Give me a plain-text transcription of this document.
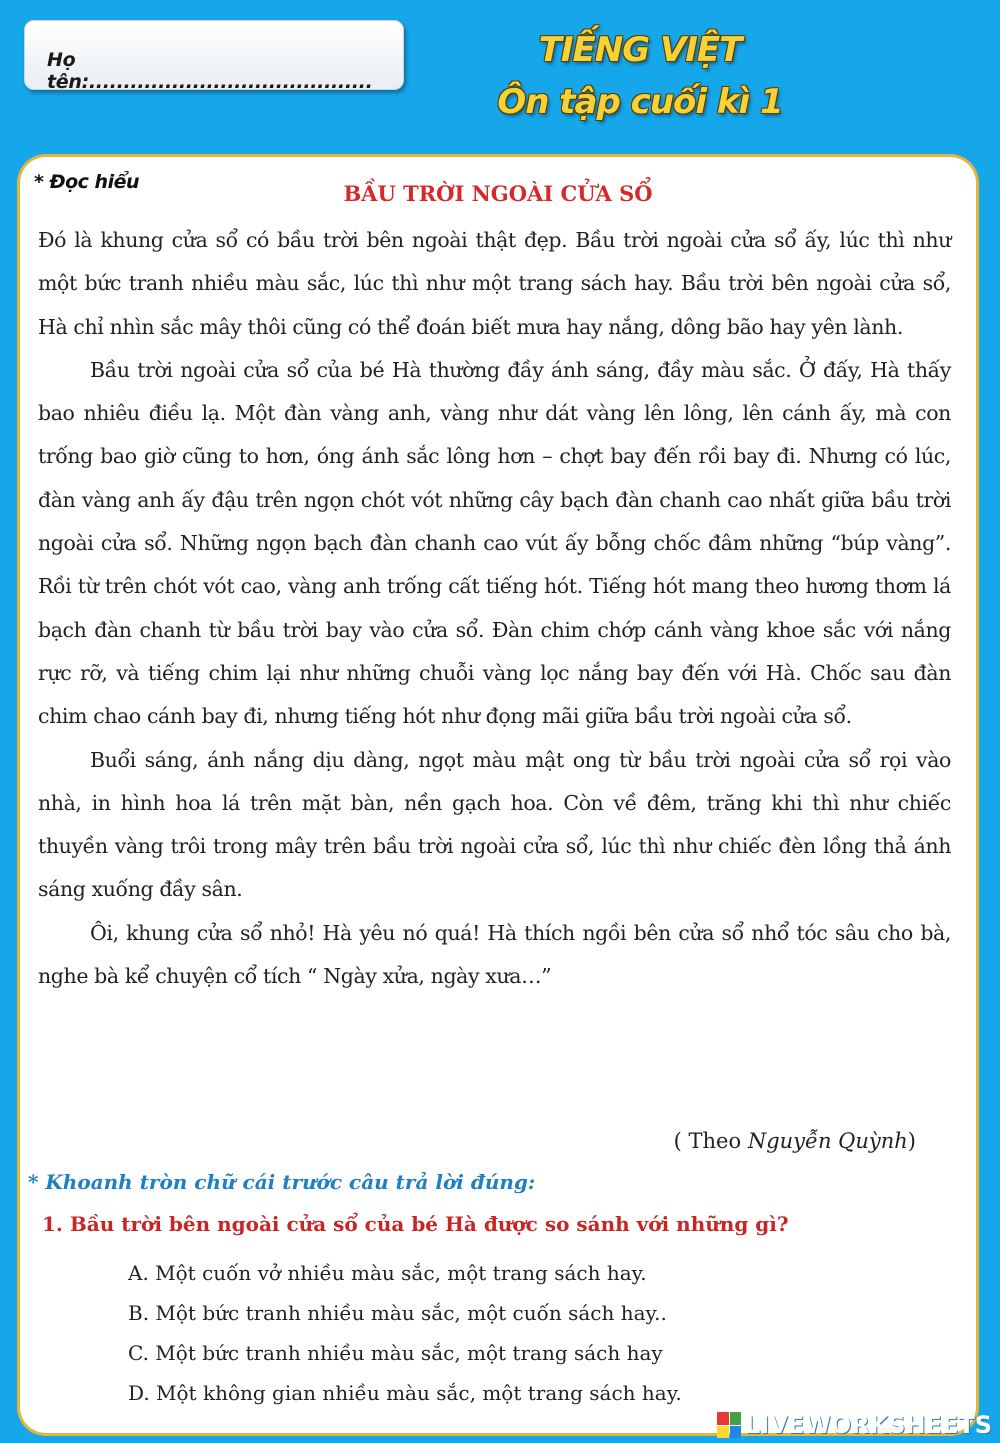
Họ tên:.........................................
TIẾNG VIỆT
Ôn tập cuối kì 1
* Đọc hiểu	BẦU TRỜI NGOÀI CỬA SỔ

Đó là khung cửa sổ có bầu trời bên ngoài thật đẹp. Bầu trời ngoài cửa sổ ấy, lúc thì như một bức tranh nhiều màu sắc, lúc thì như một trang sách hay. Bầu trời bên ngoài cửa sổ, Hà chỉ nhìn sắc mây thôi cũng có thể đoán biết mưa hay nắng, dông bão hay yên lành.

Bầu trời ngoài cửa sổ của bé Hà thường đầy ánh sáng, đầy màu sắc. Ở đấy, Hà thấy bao nhiêu điều lạ. Một đàn vàng anh, vàng như dát vàng lên lông, lên cánh ấy, mà con trống bao giờ cũng to hơn, óng ánh sắc lông hơn – chợt bay đến rồi bay đi. Nhưng có lúc, đàn vàng anh ấy đậu trên ngọn chót vót những cây bạch đàn chanh cao nhất giữa bầu trời ngoài cửa sổ. Những ngọn bạch đàn chanh cao vút ấy bỗng chốc đâm những “búp vàng”. Rồi từ trên chót vót cao, vàng anh trống cất tiếng hót. Tiếng hót mang theo hương thơm lá bạch đàn chanh từ bầu trời bay vào cửa sổ. Đàn chim chớp cánh vàng khoe sắc với nắng rực rỡ, và tiếng chim lại như những chuỗi vàng lọc nắng bay đến với Hà. Chốc sau đàn chim chao cánh bay đi, nhưng tiếng hót như đọng mãi giữa bầu trời ngoài cửa sổ.

Buổi sáng, ánh nắng dịu dàng, ngọt màu mật ong từ bầu trời ngoài cửa sổ rọi vào nhà, in hình hoa lá trên mặt bàn, nền gạch hoa. Còn về đêm, trăng khi thì như chiếc thuyền vàng trôi trong mây trên bầu trời ngoài cửa sổ, lúc thì như chiếc đèn lồng thả ánh sáng xuống đầy sân.

Ôi, khung cửa sổ nhỏ! Hà yêu nó quá! Hà thích ngồi bên cửa sổ nhổ tóc sâu cho bà, nghe bà kể chuyện cổ tích “ Ngày xửa, ngày xưa…”

( Theo Nguyễn Quỳnh)
* Khoanh tròn chữ cái trước câu trả lời đúng:
1. Bầu trời bên ngoài cửa sổ của bé Hà được so sánh với những gì?
A. Một cuốn vở nhiều màu sắc, một trang sách hay.
B. Một bức tranh nhiều màu sắc, một cuốn sách hay..
C. Một bức tranh nhiều màu sắc, một trang sách hay
D. Một không gian nhiều màu sắc, một trang sách hay.
LIVEWORKSHEETS
